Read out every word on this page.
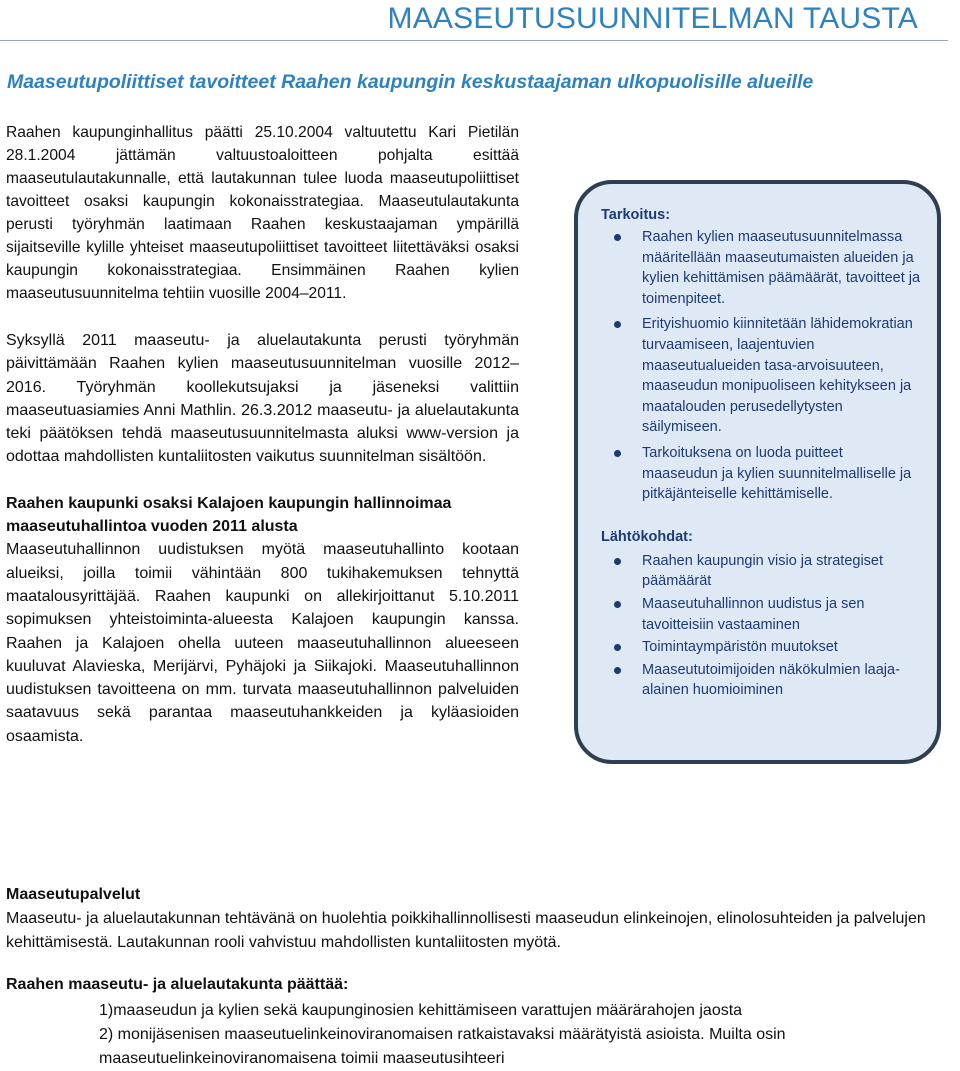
MAASEUTUSUUNNITELMAN TAUSTA
Maaseutupoliittiset tavoitteet Raahen kaupungin keskustaajaman ulkopuolisille alueille

Raahen kaupunginhallitus päätti 25.10.2004 valtuutettu Kari Pietilän 28.1.2004 jättämän valtuustoaloitteen pohjalta esittää maaseutulautakunnalle, että lautakunnan tulee luoda maaseutupoliittiset tavoitteet osaksi kaupungin kokonaisstrategiaa. Maaseutulautakunta perusti työryhmän laatimaan Raahen keskustaajaman ympärillä sijaitseville kylille yhteiset maaseutupoliittiset tavoitteet liitettäväksi osaksi kaupungin kokonaisstrategiaa. Ensimmäinen Raahen kylien maaseutusuunnitelma tehtiin vuosille 2004–2011.

Syksyllä 2011 maaseutu- ja aluelautakunta perusti työryhmän päivittämään Raahen kylien maaseutusuunnitelman vuosille 2012–2016. Työryhmän koollekutsujaksi ja jäseneksi valittiin maaseutuasiamies Anni Mathlin. 26.3.2012 maaseutu- ja aluelautakunta teki päätöksen tehdä maaseutusuunnitelmasta aluksi www-version ja odottaa mahdollisten kuntaliitosten vaikutus suunnitelman sisältöön.

Raahen kaupunki osaksi Kalajoen kaupungin hallinnoimaa
maaseutuhallintoa vuoden 2011 alusta
Maaseutuhallinnon uudistuksen myötä maaseutuhallinto kootaan alueiksi, joilla toimii vähintään 800 tukihakemuksen tehnyttä maatalousyrittäjää. Raahen kaupunki on allekirjoittanut 5.10.2011 sopimuksen yhteistoiminta-alueesta Kalajoen kaupungin kanssa. Raahen ja Kalajoen ohella uuteen maaseutuhallinnon alueeseen kuuluvat Alavieska, Merijärvi, Pyhäjoki ja Siikajoki. Maaseutuhallinnon uudistuksen tavoitteena on mm. turvata maaseutuhallinnon palveluiden saatavuus sekä parantaa maaseutuhankkeiden ja kyläasioiden osaamista.

Tarkoitus:

Raahen kylien maaseutusuunnitelmassa määritellään maaseutumaisten alueiden ja kylien kehittämisen päämäärät, tavoitteet ja toimenpiteet.
Erityishuomio kiinnitetään lähidemokratian turvaamiseen, laajentuvien maaseutualueiden tasa-arvoisuuteen, maaseudun monipuoliseen kehitykseen ja maatalouden perusedellytysten säilymiseen.
Tarkoituksena on luoda puitteet maaseudun ja kylien suunnitelmalliselle ja pitkäjänteiselle kehittämiselle.

Lähtökohdat:

Raahen kaupungin visio ja strategiset päämäärät
Maaseutuhallinnon uudistus ja sen tavoitteisiin vastaaminen
Toimintaympäristön muutokset
Maaseututoimijoiden näkökulmien laaja-alainen huomioiminen

Maaseutupalvelut

Maaseutu- ja aluelautakunnan tehtävänä on huolehtia poikkihallinnollisesti maaseudun elinkeinojen, elinolosuhteiden ja palvelujen kehittämisestä. Lautakunnan rooli vahvistuu mahdollisten kuntaliitosten myötä.

Raahen maaseutu- ja aluelautakunta päättää:

1)maaseudun ja kylien sekä kaupunginosien kehittämiseen varattujen määrärahojen jaosta

2) monijäsenisen maaseutuelinkeinoviranomaisen ratkaistavaksi määrätyistä asioista. Muilta osin maaseutuelinkeinoviranomaisena toimii maaseutusihteeri
